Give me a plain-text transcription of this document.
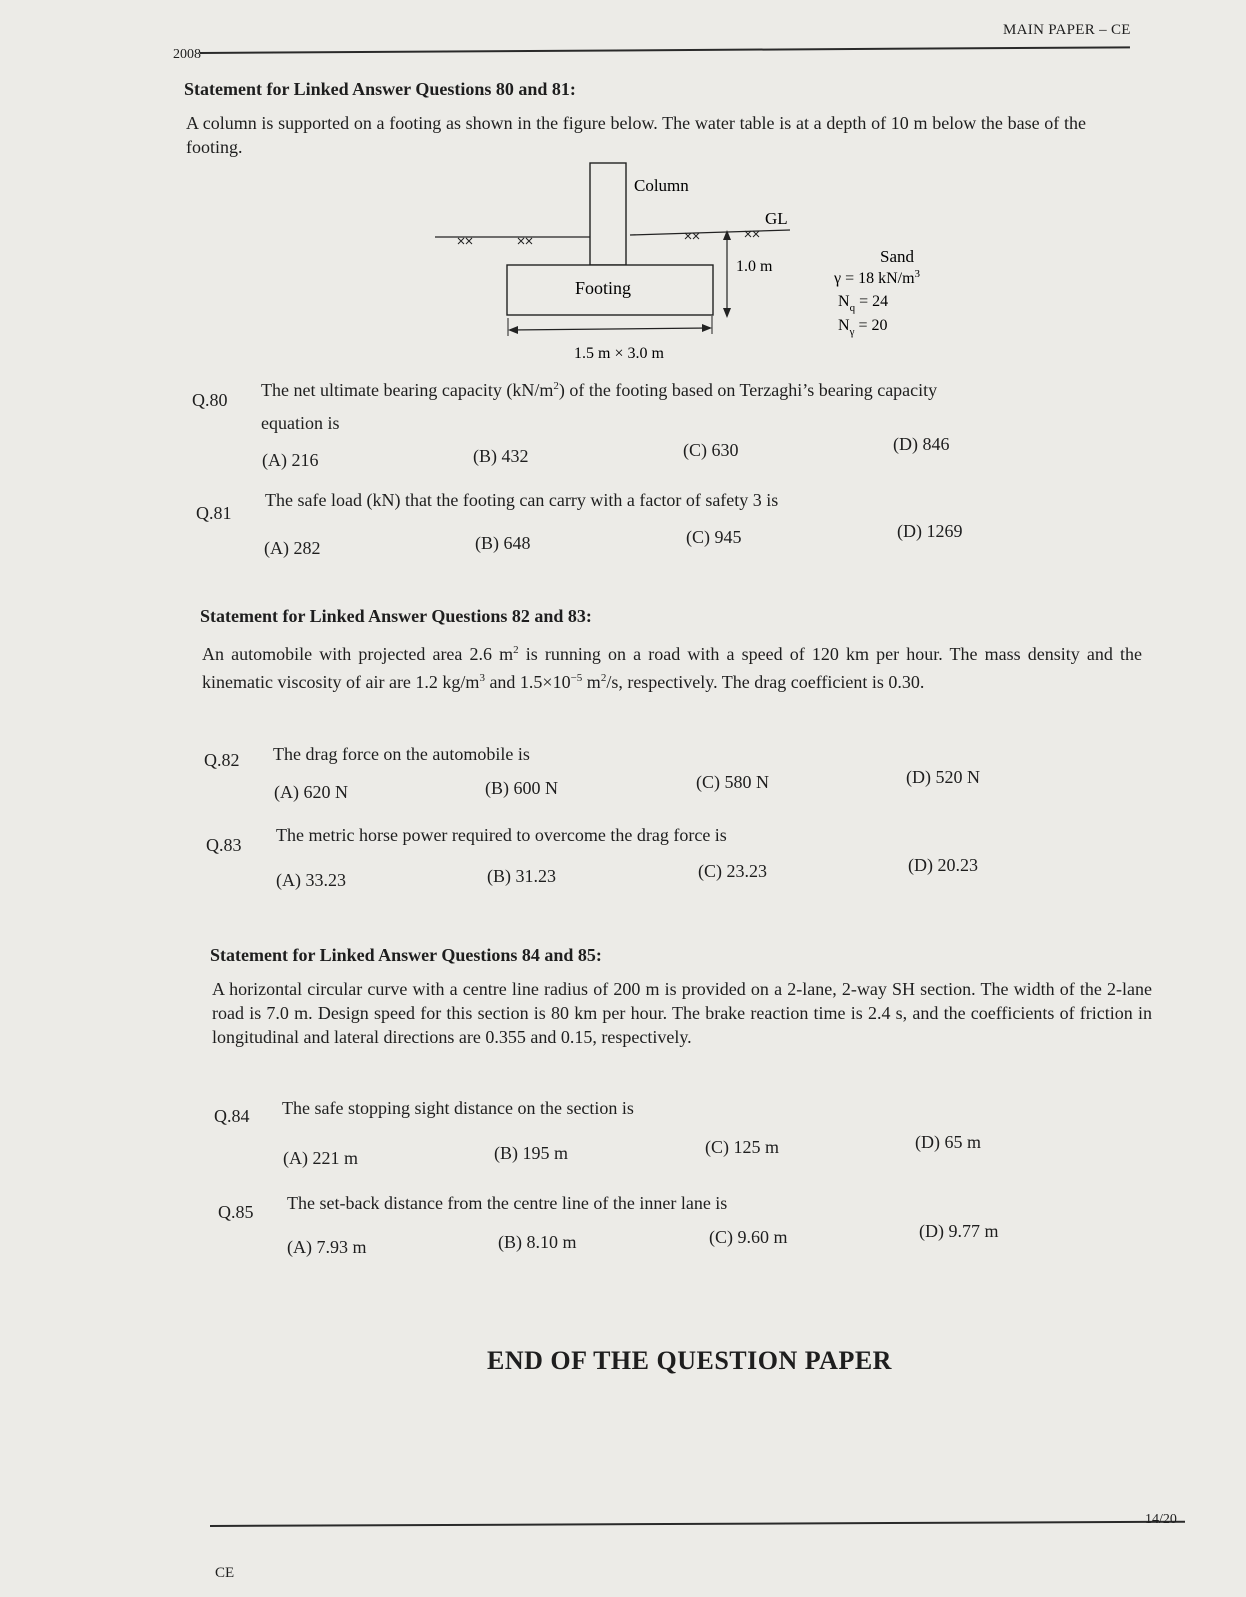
MAIN PAPER – CE
2008
Statement for Linked Answer Questions 80 and 81:
A column is supported on a footing as shown in the figure below. The water table is at a depth of 10 m below the base of the footing.
Column
GL
1.0 m
Footing
1.5 m × 3.0 m
Sand
γ = 18 $kN/m^3$
$N_q = 24$
$N_\gamma = 20$
Q.80 The net ultimate bearing capacity $(kN/m^2)$ of the footing based on Terzaghi’s bearing capacity
equation is
(A) 216	(B) 432	(C) 630	(D) 846
Q.81
The safe load (kN) that the footing can carry with a factor of safety 3 is
(A) 282	(B) 648	(C) 945	(D) 1269
Statement for Linked Answer Questions 82 and 83:
An automobile with projected area 2.6 $m^2$ is running on a road with a speed of 120 km per hour. The mass density and the kinematic viscosity of air are 1.2 $kg/m^3$ and $1.5\times 10^{-5}$ $m^2/s$, respectively. The drag coefficient is 0.30.
Q.82 The drag force on the automobile is
(A) 620 N	(B) 600 N	(C) 580 N	(D) 520 N
Q.83 The metric horse power required to overcome the drag force is
(A) 33.23	(B) 31.23	(C) 23.23	(D) 20.23
Statement for Linked Answer Questions 84 and 85:
A horizontal circular curve with a centre line radius of 200 m is provided on a 2-lane, 2-way SH section. The width of the 2-lane road is 7.0 m. Design speed for this section is 80 km per hour. The brake reaction time is 2.4 s, and the coefficients of friction in longitudinal and lateral directions are 0.355 and 0.15, respectively.
Q.84 The safe stopping sight distance on the section is
(A) 221 m	(B) 195 m	(C) 125 m	(D) 65 m
Q.85 The set-back distance from the centre line of the inner lane is
(A) 7.93 m	(B) 8.10 m	(C) 9.60 m	(D) 9.77 m
END OF THE QUESTION PAPER
14/20
CE
